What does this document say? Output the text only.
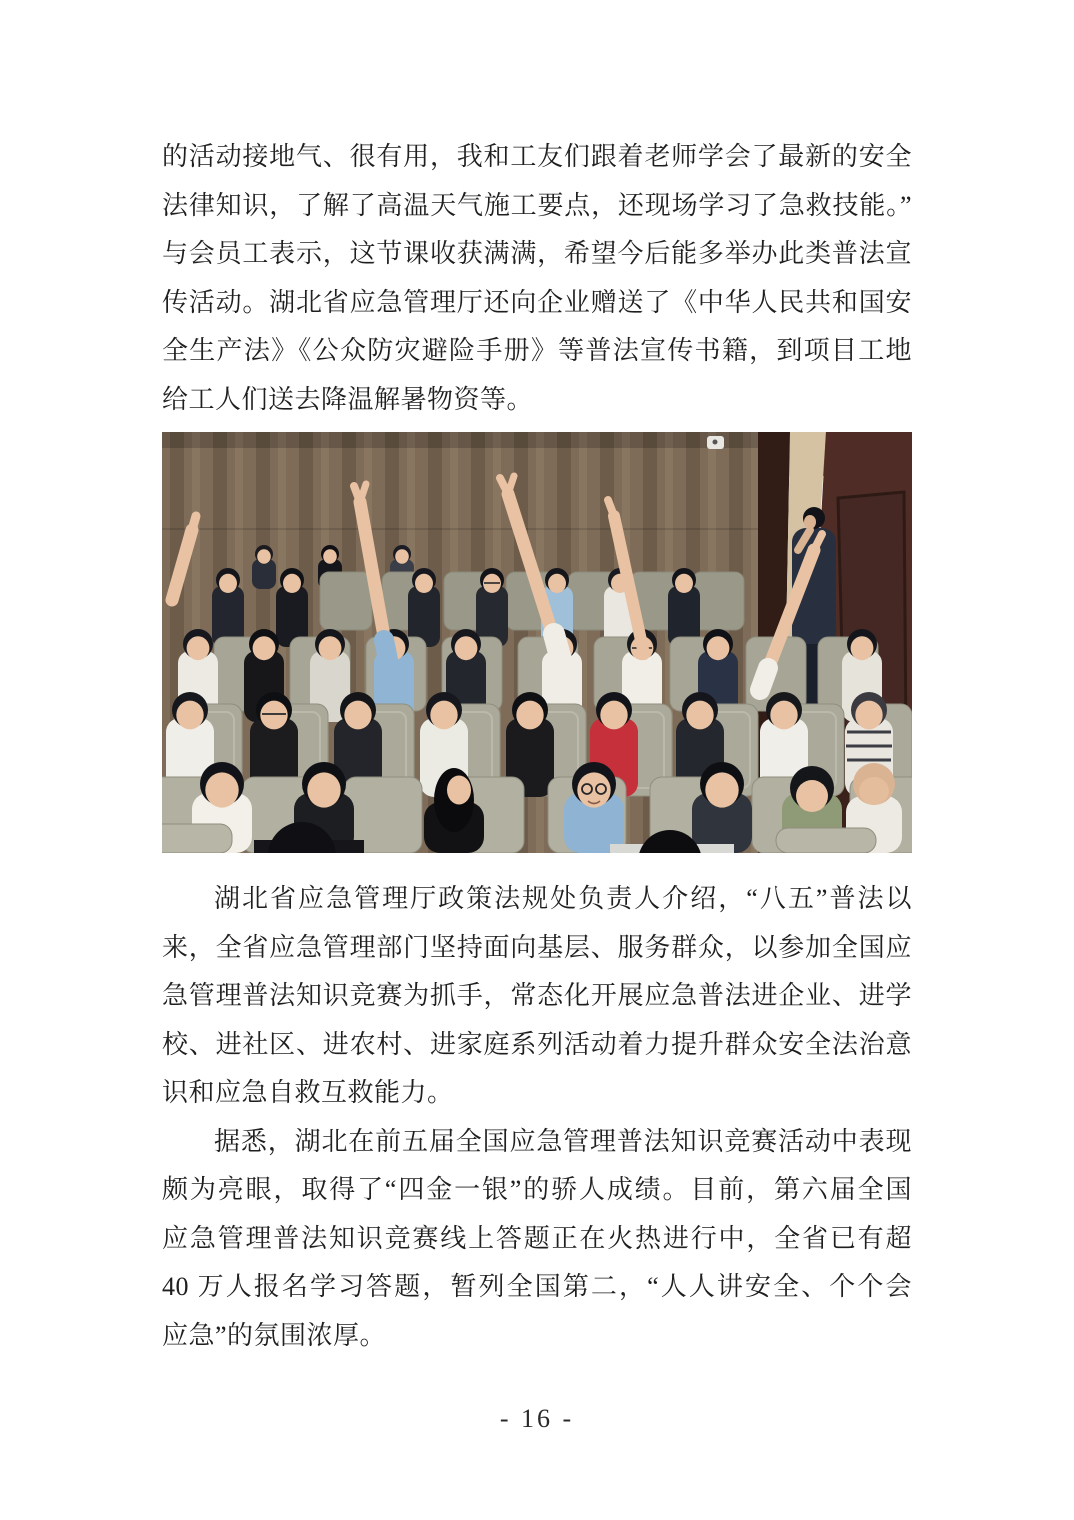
的活动接地气、很有用，我和工友们跟着老师学会了最新的安全
法律知识，了解了高温天气施工要点，还现场学习了急救技能。”
与会员工表示，这节课收获满满，希望今后能多举办此类普法宣
传活动。湖北省应急管理厅还向企业赠送了《中华人民共和国安
全生产法》《公众防灾避险手册》等普法宣传书籍，到项目工地
给工人们送去降温解暑物资等。
湖北省应急管理厅政策法规处负责人介绍，“八五”普法以
来，全省应急管理部门坚持面向基层、服务群众，以参加全国应
急管理普法知识竞赛为抓手，常态化开展应急普法进企业、进学
校、进社区、进农村、进家庭系列活动着力提升群众安全法治意
识和应急自救互救能力。
据悉，湖北在前五届全国应急管理普法知识竞赛活动中表现
颇为亮眼，取得了“四金一银”的骄人成绩。目前，第六届全国
应急管理普法知识竞赛线上答题正在火热进行中，全省已有超
40 万人报名学习答题，暂列全国第二，“人人讲安全、个个会
应急”的氛围浓厚。
- 16 -
